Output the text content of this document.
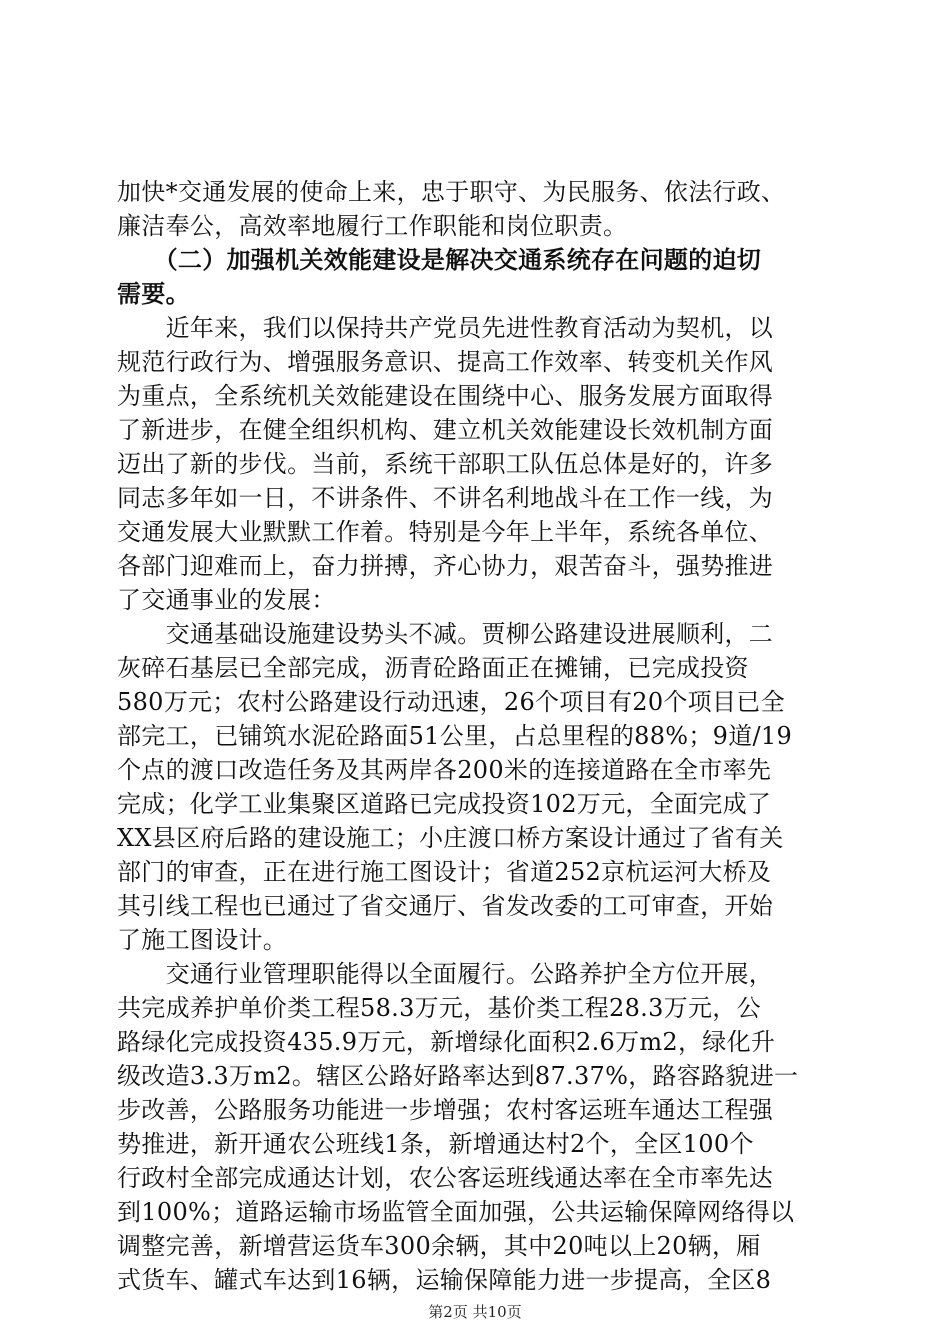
加快*交通发展的使命上来，忠于职守、为民服务、依法行政、
廉洁奉公，高效率地履行工作职能和岗位职责。
　　（二）加强机关效能建设是解决交通系统存在问题的迫切
需要。
　　近年来，我们以保持共产党员先进性教育活动为契机，以
规范行政行为、增强服务意识、提高工作效率、转变机关作风
为重点，全系统机关效能建设在围绕中心、服务发展方面取得
了新进步，在健全组织机构、建立机关效能建设长效机制方面
迈出了新的步伐。当前，系统干部职工队伍总体是好的，许多
同志多年如一日，不讲条件、不讲名利地战斗在工作一线，为
交通发展大业默默工作着。特别是今年上半年，系统各单位、
各部门迎难而上，奋力拼搏，齐心协力，艰苦奋斗，强势推进
了交通事业的发展：
　　交通基础设施建设势头不减。贾柳公路建设进展顺利，二
灰碎石基层已全部完成，沥青砼路面正在摊铺，已完成投资
580万元；农村公路建设行动迅速，26个项目有20个项目已全
部完工，已铺筑水泥砼路面51公里，占总里程的88%；9道/19
个点的渡口改造任务及其两岸各200米的连接道路在全市率先
完成；化学工业集聚区道路已完成投资102万元，全面完成了
XX县区府后路的建设施工；小庄渡口桥方案设计通过了省有关
部门的审查，正在进行施工图设计；省道252京杭运河大桥及
其引线工程也已通过了省交通厅、省发改委的工可审查，开始
了施工图设计。
　　交通行业管理职能得以全面履行。公路养护全方位开展，
共完成养护单价类工程58.3万元，基价类工程28.3万元，公
路绿化完成投资435.9万元，新增绿化面积2.6万m2，绿化升
级改造3.3万m2。辖区公路好路率达到87.37%，路容路貌进一
步改善，公路服务功能进一步增强；农村客运班车通达工程强
势推进，新开通农公班线1条，新增通达村2个，全区100个
行政村全部完成通达计划，农公客运班线通达率在全市率先达
到100%；道路运输市场监管全面加强，公共运输保障网络得以
调整完善，新增营运货车300余辆，其中20吨以上20辆，厢
式货车、罐式车达到16辆，运输保障能力进一步提高，全区8
第2页 共10页
